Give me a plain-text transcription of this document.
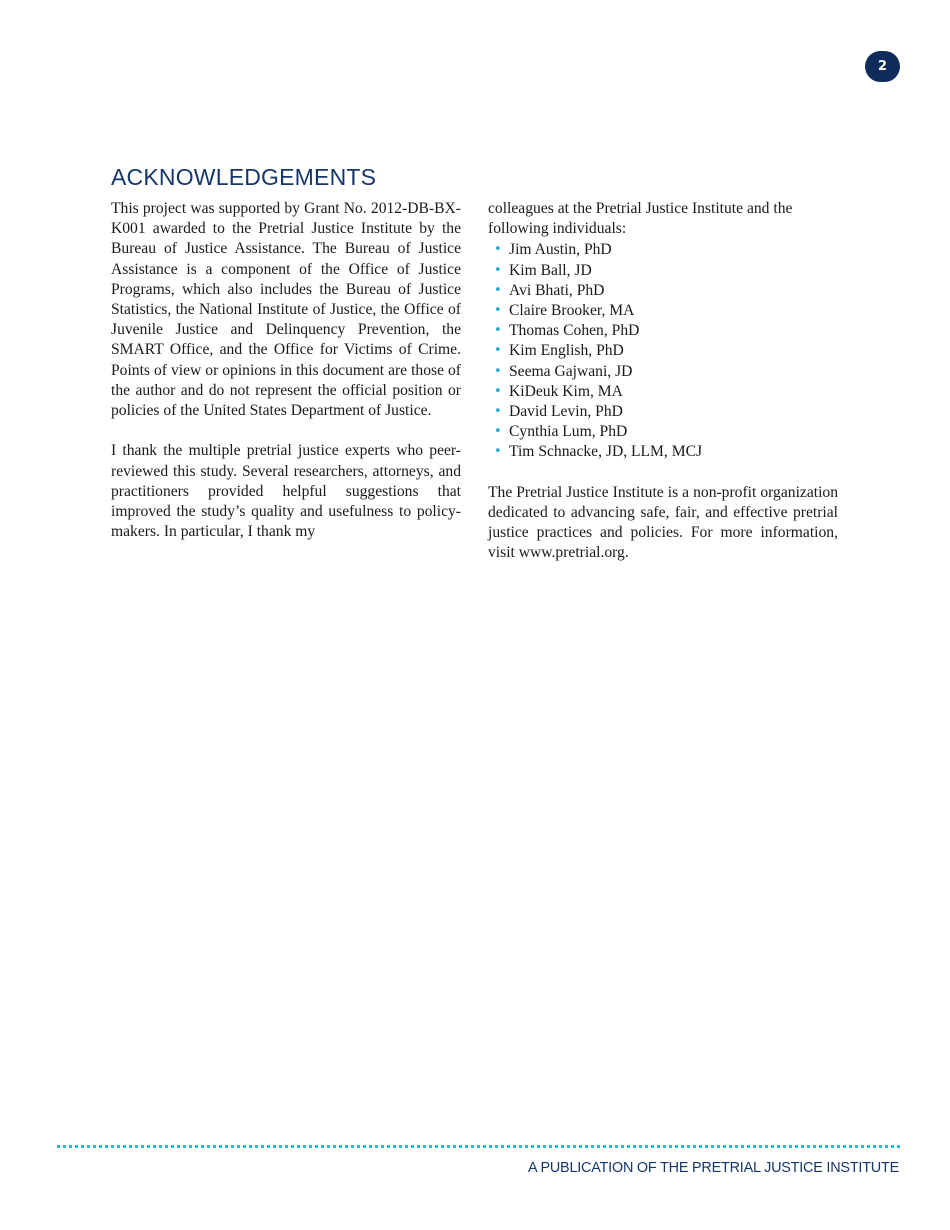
2
ACKNOWLEDGEMENTS

This project was supported by Grant No. 2012-DB-BX-K001 awarded to the Pretrial Justice Institute by the Bureau of Justice Assistance. The Bureau of Justice Assistance is a component of the Office of Justice Programs, which also includes the Bureau of Justice Statistics, the National Institute of Justice, the Office of Juvenile Justice and Delinquency Prevention, the SMART Office, and the Office for Victims of Crime. Points of view or opinions in this document are those of the author and do not represent the official position or policies of the United States Department of Justice.

I thank the multiple pretrial justice experts who peer-reviewed this study. Several researchers, attorneys, and practitioners provided helpful suggestions that improved the study’s quality and usefulness to policy-makers. In particular, I thank my

colleagues at the Pretrial Justice Institute and the following individuals:

• Jim Austin, PhD
• Kim Ball, JD
• Avi Bhati, PhD
• Claire Brooker, MA
• Thomas Cohen, PhD
• Kim English, PhD
• Seema Gajwani, JD
• KiDeuk Kim, MA
• David Levin, PhD
• Cynthia Lum, PhD
• Tim Schnacke, JD, LLM, MCJ

The Pretrial Justice Institute is a non-profit organization dedicated to advancing safe, fair, and effective pretrial justice practices and policies. For more information, visit www.pretrial.org.

A PUBLICATION OF THE PRETRIAL JUSTICE INSTITUTE
